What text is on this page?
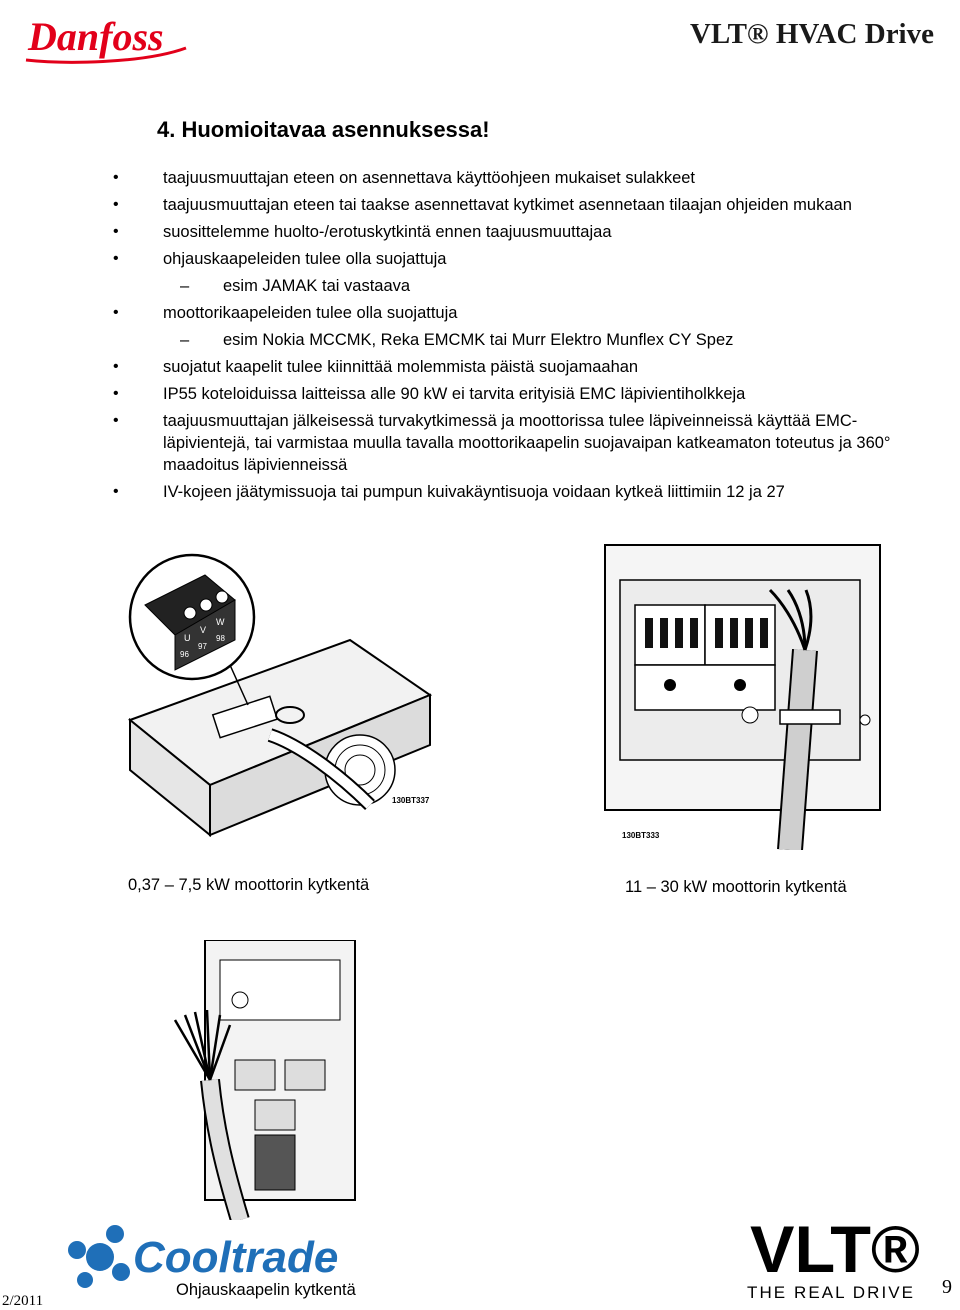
Danfoss	VLT® HVAC Drive
4. Huomioitavaa asennuksessa!
•	taajuusmuuttajan eteen on asennettava käyttöohjeen mukaiset sulakkeet
•	taajuusmuuttajan eteen tai taakse asennettavat kytkimet asennetaan tilaajan ohjeiden mukaan
•	suosittelemme huolto-/erotuskytkintä ennen taajuusmuuttajaa
•	ohjauskaapeleiden tulee olla suojattuja
– esim JAMAK tai vastaava
•	moottorikaapeleiden tulee olla suojattuja
– esim Nokia MCCMK, Reka EMCMK tai Murr Elektro Munflex CY Spez
•	suojatut kaapelit tulee kiinnittää molemmista päistä suojamaahan
•	IP55 koteloiduissa laitteissa alle 90 kW ei tarvita erityisiä EMC läpivientiholkkeja
•	taajuusmuuttajan jälkeisessä turvakytkimessä ja moottorissa tulee läpiveinneissä käyttää EMC-läpivientejä, tai varmistaa muulla tavalla moottorikaapelin suojavaipan katkeamaton toteutus ja 360° maadoitus läpivienneissä
•	IV-kojeen jäätymissuoja tai pumpun kuivakäyntisuoja voidaan kytkeä liittimiin 12 ja 27
U
V
W
96
97
98
130BT337
130BT333
0,37 – 7,5 kW moottorin kytkentä	11 – 30 kW moottorin kytkentä
Cooltrade
Ohjauskaapelin kytkentä
VLT®
THE REAL DRIVE 9
2/2011
